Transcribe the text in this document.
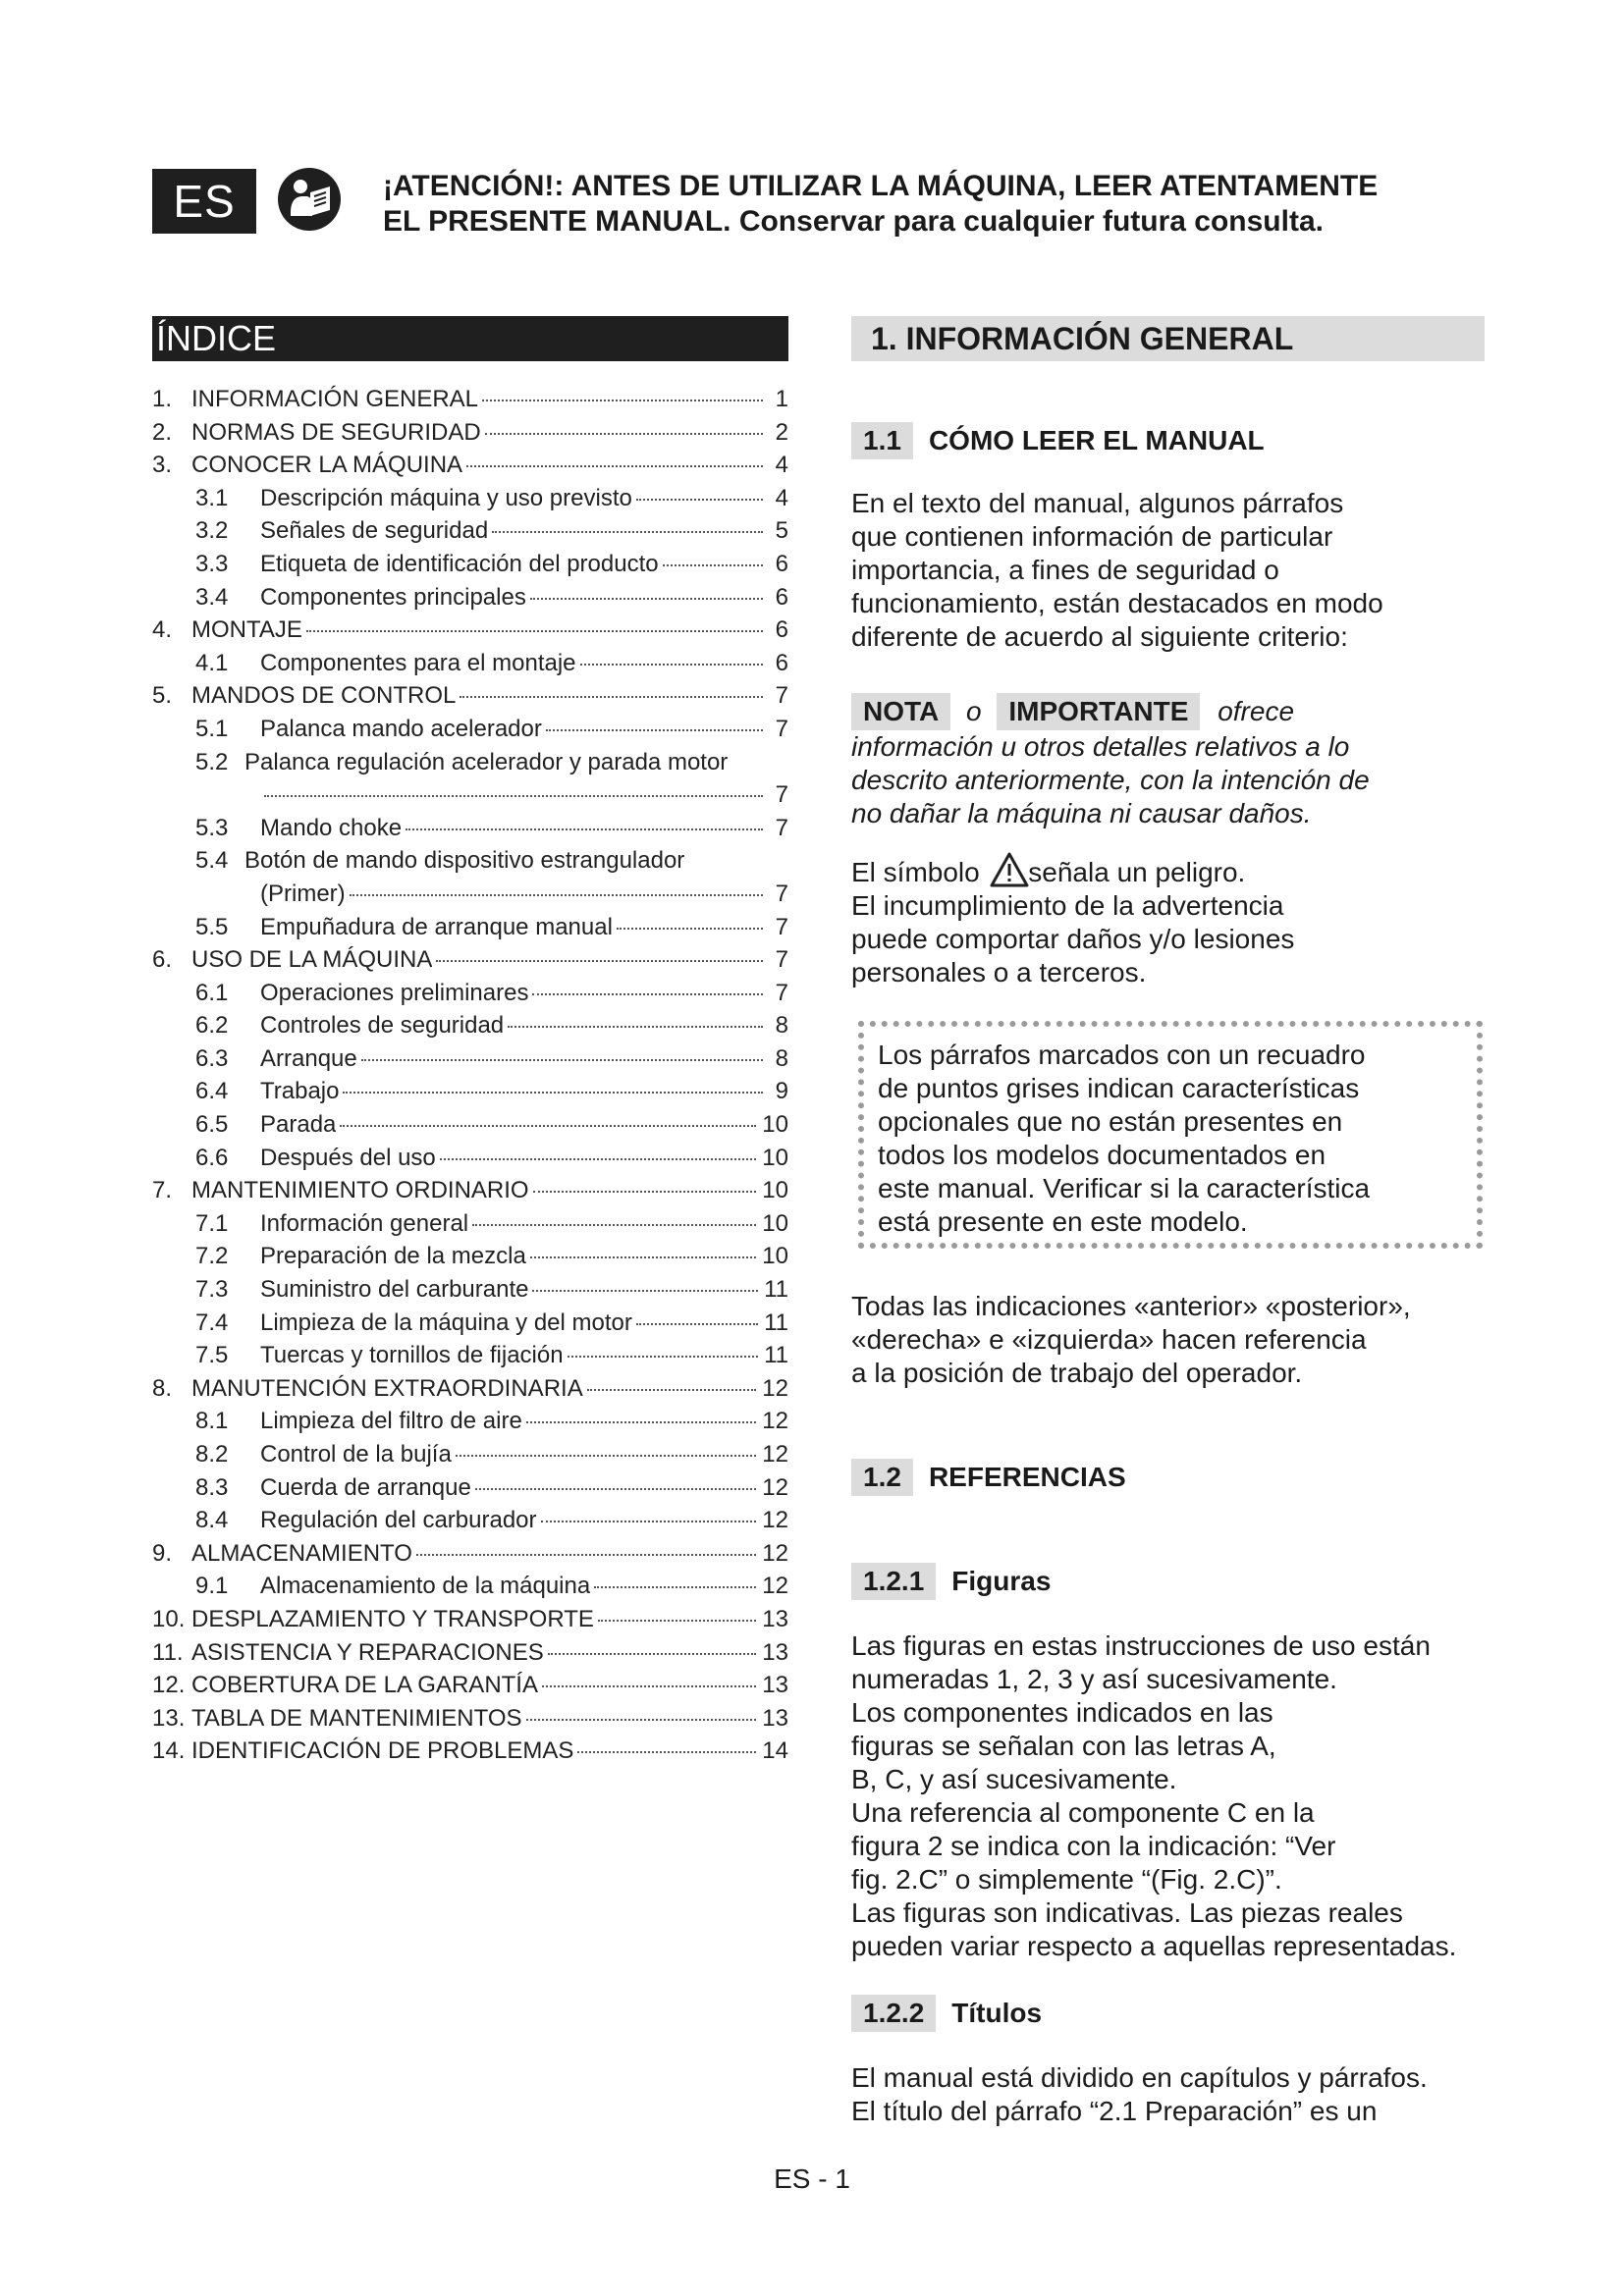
ES	¡ATENCIÓN!: ANTES DE UTILIZAR LA MÁQUINA, LEER ATENTAMENTE
EL PRESENTE MANUAL. Conservar para cualquier futura consulta.
ÍNDICE
1. INFORMACIÓN GENERAL	1
2. NORMAS DE SEGURIDAD	2
3. CONOCER LA MÁQUINA	4
3.1	Descripción máquina y uso previsto	4
3.2	Señales de seguridad	5
3.3	Etiqueta de identificación del producto	6
3.4	Componentes principales	6
4. MONTAJE	6
4.1	Componentes para el montaje	6
5. MANDOS DE CONTROL	7
5.1	Palanca mando acelerador	7
5.2 Palanca regulación acelerador y parada motor
7
5.3	Mando choke	7
5.4 Botón de mando dispositivo estrangulador
(Primer)	7
5.5	Empuñadura de arranque manual	7
6. USO DE LA MÁQUINA	7
6.1	Operaciones preliminares	7
6.2	Controles de seguridad	8
6.3	Arranque	8
6.4	Trabajo	9
6.5	Parada	10
6.6	Después del uso	10
7. MANTENIMIENTO ORDINARIO	10
7.1	Información general	10
7.2	Preparación de la mezcla	10
7.3	Suministro del carburante	11
7.4	Limpieza de la máquina y del motor	11
7.5	Tuercas y tornillos de fijación	11
8. MANUTENCIÓN EXTRAORDINARIA	12
8.1	Limpieza del filtro de aire	12
8.2	Control de la bujía	12
8.3	Cuerda de arranque	12
8.4	Regulación del carburador	12
9. ALMACENAMIENTO	12
9.1	Almacenamiento de la máquina	12
10. DESPLAZAMIENTO Y TRANSPORTE	13
11. ASISTENCIA Y REPARACIONES	13
12. COBERTURA DE LA GARANTÍA	13
13. TABLA DE MANTENIMIENTOS	13
14. IDENTIFICACIÓN DE PROBLEMAS	14
1. INFORMACIÓN GENERAL
1.1	CÓMO LEER EL MANUAL
En el texto del manual, algunos párrafos
que contienen información de particular
importancia, a fines de seguridad o
funcionamiento, están destacados en modo
diferente de acuerdo al siguiente criterio:
NOTA o IMPORTANTE ofrece
información u otros detalles relativos a lo
descrito anteriormente, con la intención de
no dañar la máquina ni causar daños.
El símbolo señala un peligro.
El incumplimiento de la advertencia
puede comportar daños y/o lesiones
personales o a terceros.
Los párrafos marcados con un recuadro
de puntos grises indican características
opcionales que no están presentes en
todos los modelos documentados en
este manual. Verificar si la característica
está presente en este modelo.
Todas las indicaciones «anterior» «posterior»,
«derecha» e «izquierda» hacen referencia
a la posición de trabajo del operador.
1.2	REFERENCIAS
1.2.1	Figuras
Las figuras en estas instrucciones de uso están
numeradas 1, 2, 3 y así sucesivamente.
Los componentes indicados en las
figuras se señalan con las letras A,
B, C, y así sucesivamente.
Una referencia al componente C en la
figura 2 se indica con la indicación: “Ver
fig. 2.C” o simplemente “(Fig. 2.C)”.
Las figuras son indicativas. Las piezas reales
pueden variar respecto a aquellas representadas.
1.2.2	Títulos
El manual está dividido en capítulos y párrafos.
El título del párrafo “2.1 Preparación” es un
ES - 1
